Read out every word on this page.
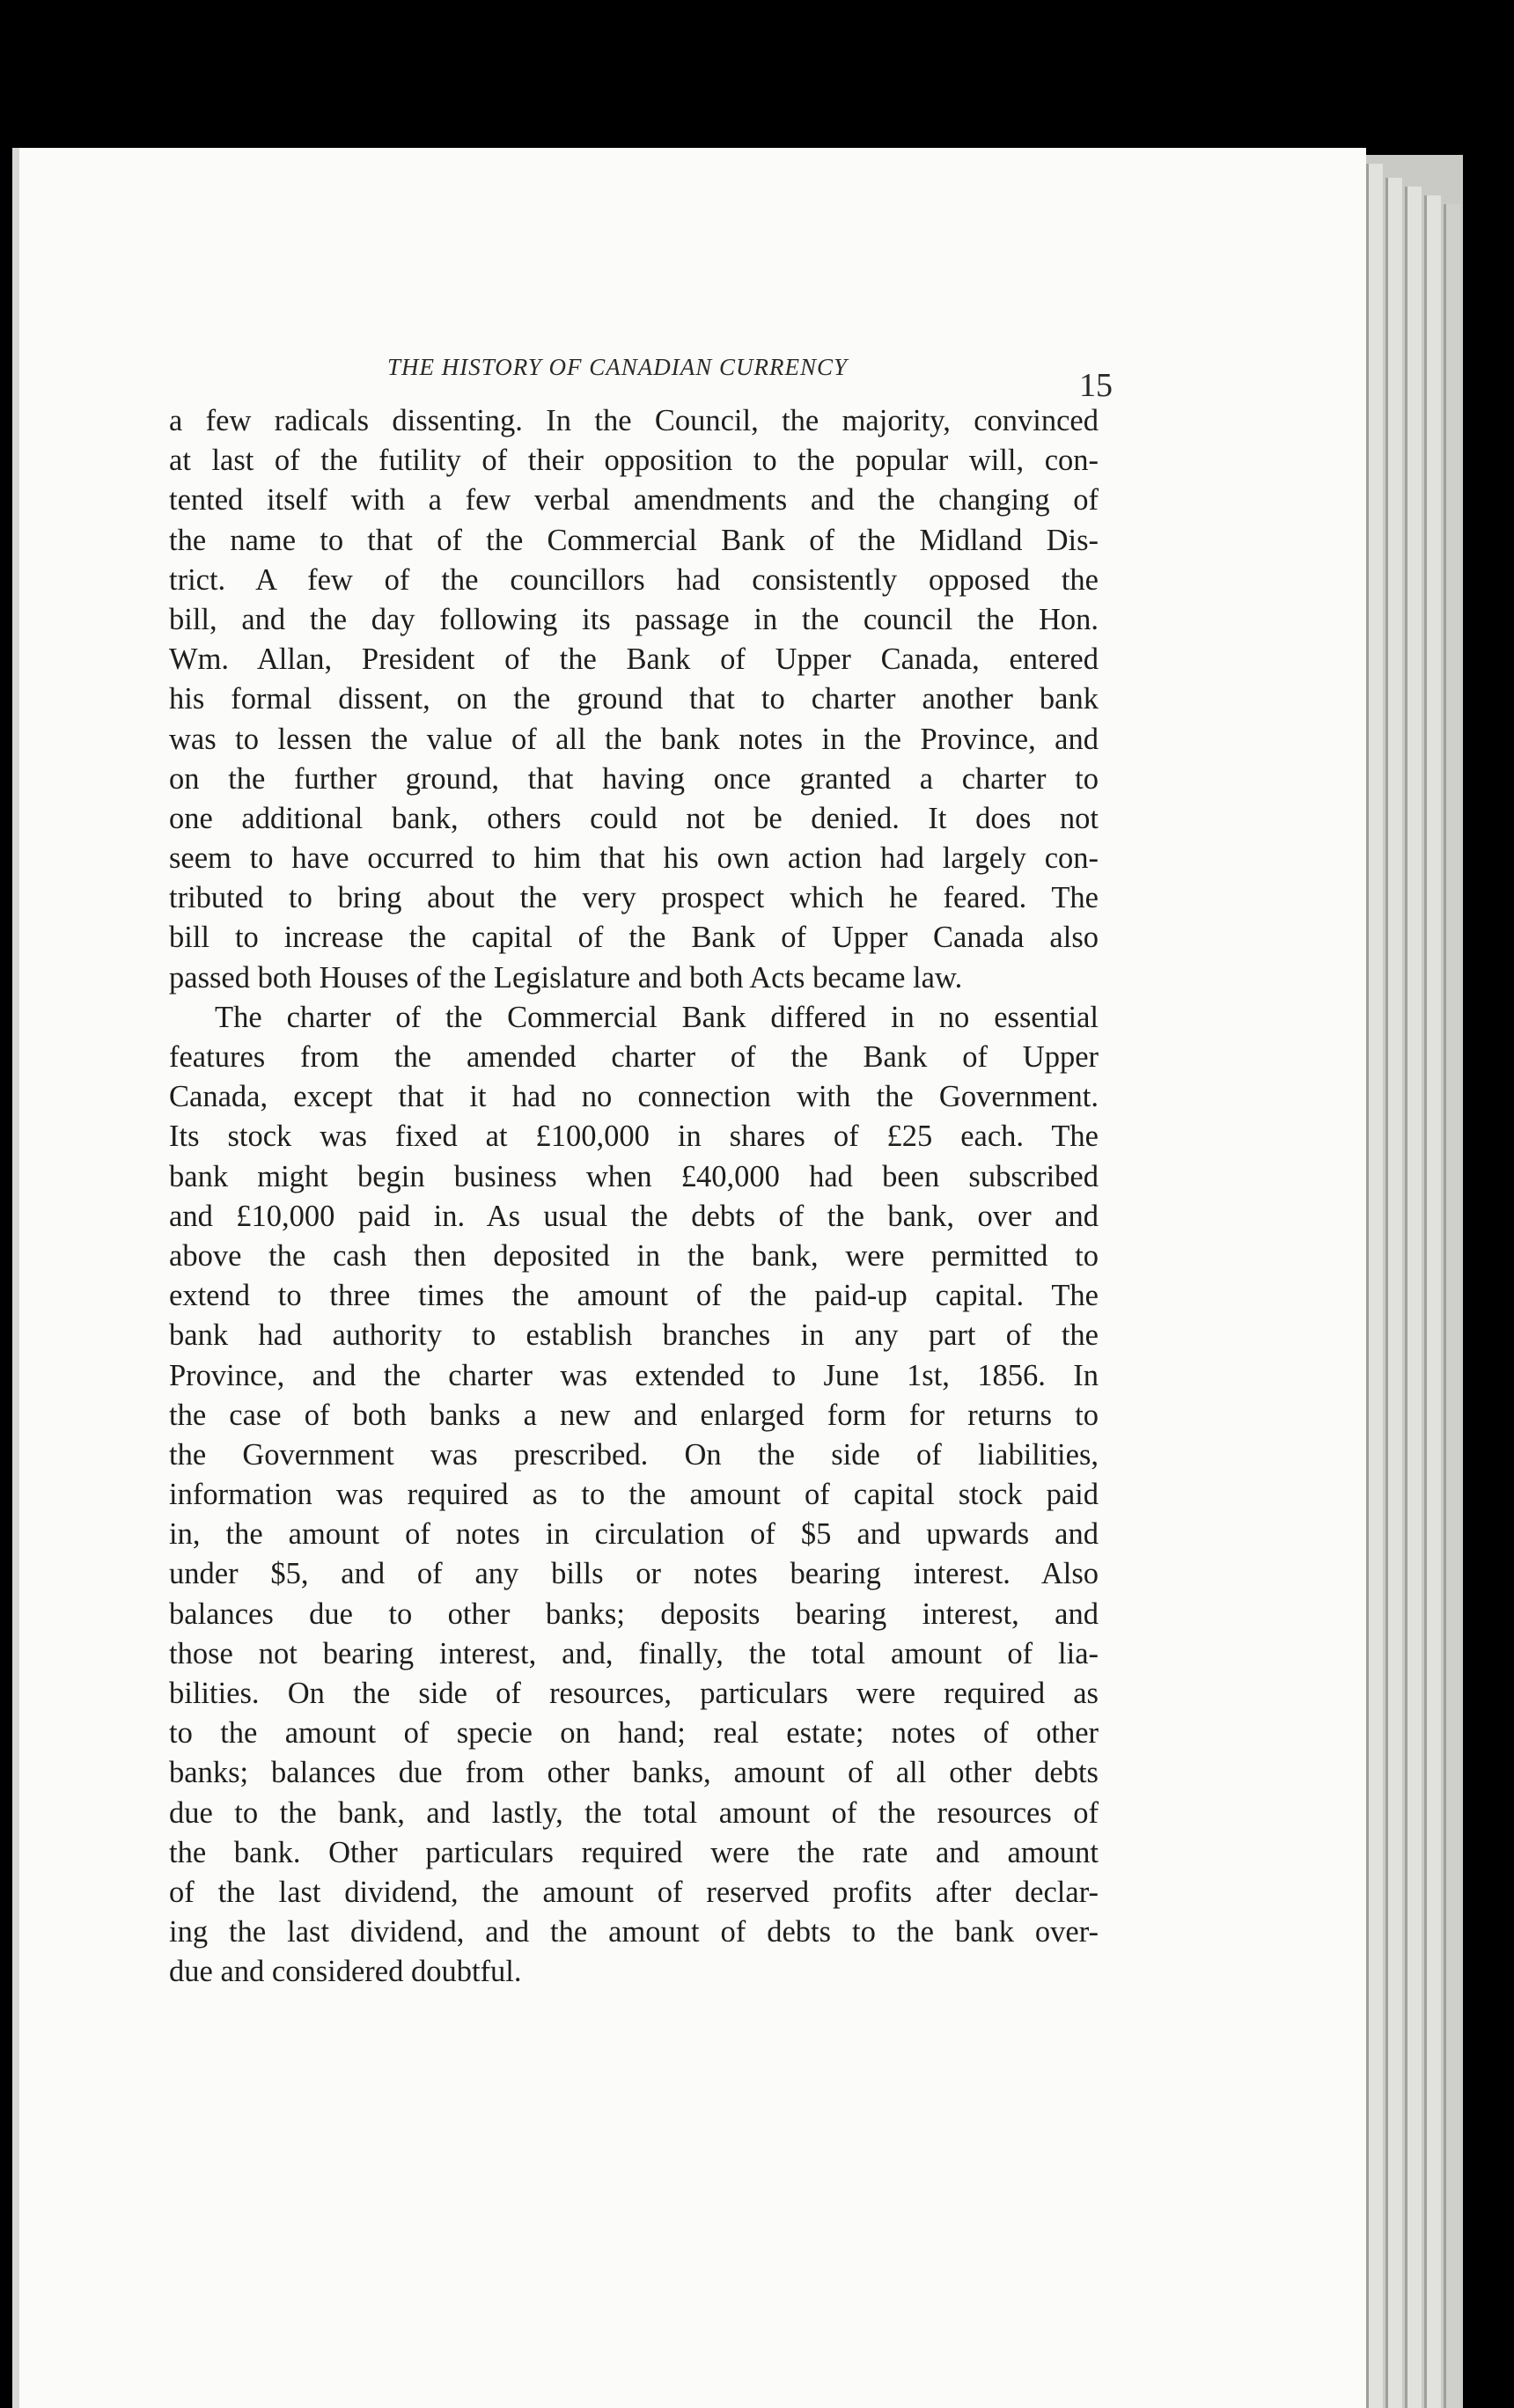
THE HISTORY OF CANADIAN CURRENCY	15
a few radicals dissenting. In the Council, the majority, convinced
at last of the futility of their opposition to the popular will, con-
tented itself with a few verbal amendments and the changing of
the name to that of the Commercial Bank of the Midland Dis-
trict. A few of the councillors had consistently opposed the
bill, and the day following its passage in the council the Hon.
Wm. Allan, President of the Bank of Upper Canada, entered
his formal dissent, on the ground that to charter another bank
was to lessen the value of all the bank notes in the Province, and
on the further ground, that having once granted a charter to
one additional bank, others could not be denied. It does not
seem to have occurred to him that his own action had largely con-
tributed to bring about the very prospect which he feared. The
bill to increase the capital of the Bank of Upper Canada also
passed both Houses of the Legislature and both Acts became law.
The charter of the Commercial Bank differed in no essential
features from the amended charter of the Bank of Upper
Canada, except that it had no connection with the Government.
Its stock was fixed at £100,000 in shares of £25 each. The
bank might begin business when £40,000 had been subscribed
and £10,000 paid in. As usual the debts of the bank, over and
above the cash then deposited in the bank, were permitted to
extend to three times the amount of the paid-up capital. The
bank had authority to establish branches in any part of the
Province, and the charter was extended to June 1st, 1856. In
the case of both banks a new and enlarged form for returns to
the Government was prescribed. On the side of liabilities,
information was required as to the amount of capital stock paid
in, the amount of notes in circulation of $5 and upwards and
under $5, and of any bills or notes bearing interest. Also
balances due to other banks; deposits bearing interest, and
those not bearing interest, and, finally, the total amount of lia-
bilities. On the side of resources, particulars were required as
to the amount of specie on hand; real estate; notes of other
banks; balances due from other banks, amount of all other debts
due to the bank, and lastly, the total amount of the resources of
the bank. Other particulars required were the rate and amount
of the last dividend, the amount of reserved profits after declar-
ing the last dividend, and the amount of debts to the bank over-
due and considered doubtful.
